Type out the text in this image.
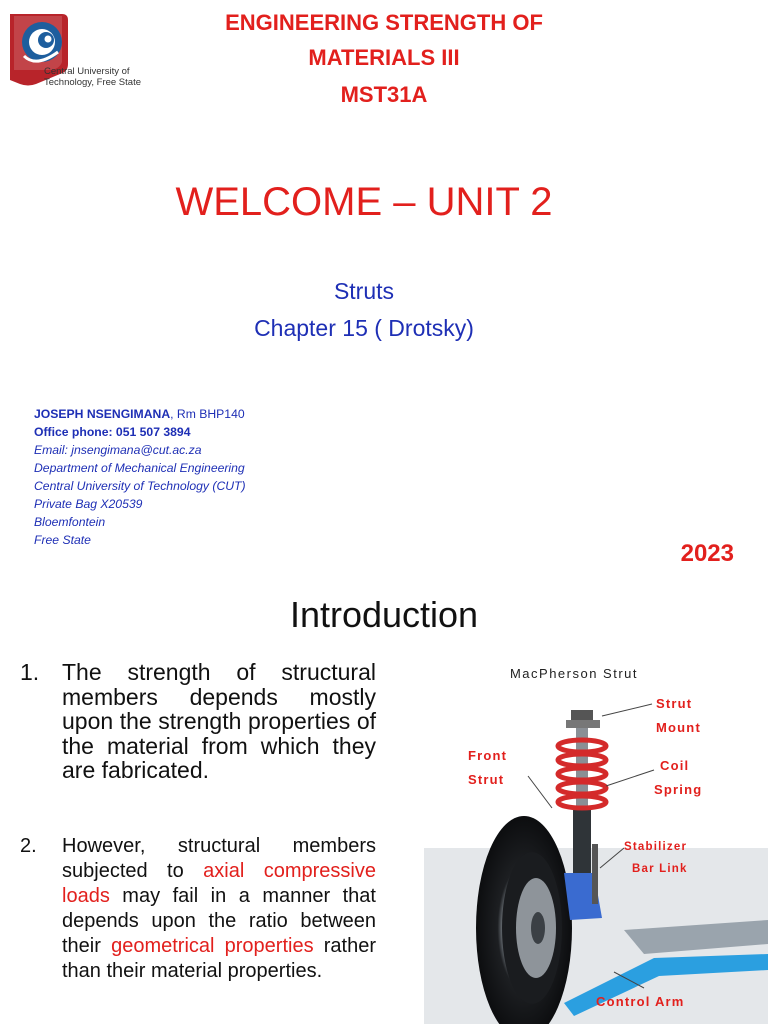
Central University of
Technology, Free State
ENGINEERING STRENGTH OF
MATERIALS III
MST31A
WELCOME – UNIT 2
Struts
Chapter 15 ( Drotsky)
JOSEPH NSENGIMANA, Rm BHP140
Office phone: 051 507 3894
Email: jnsengimana@cut.ac.za
Department of Mechanical Engineering
Central University of Technology (CUT)
Private Bag X20539
Bloemfontein
Free State	2023
Introduction
1. The strength of structural members depends mostly upon the strength properties of the material from which they are fabricated.
2. However, structural members subjected to axial compressive loads may fail in a manner that depends upon the ratio between their geometrical properties rather than their material properties.
MacPherson Strut
Strut
Mount
Front
Strut
Coil
Spring
Stabilizer
Bar Link
Control Arm
